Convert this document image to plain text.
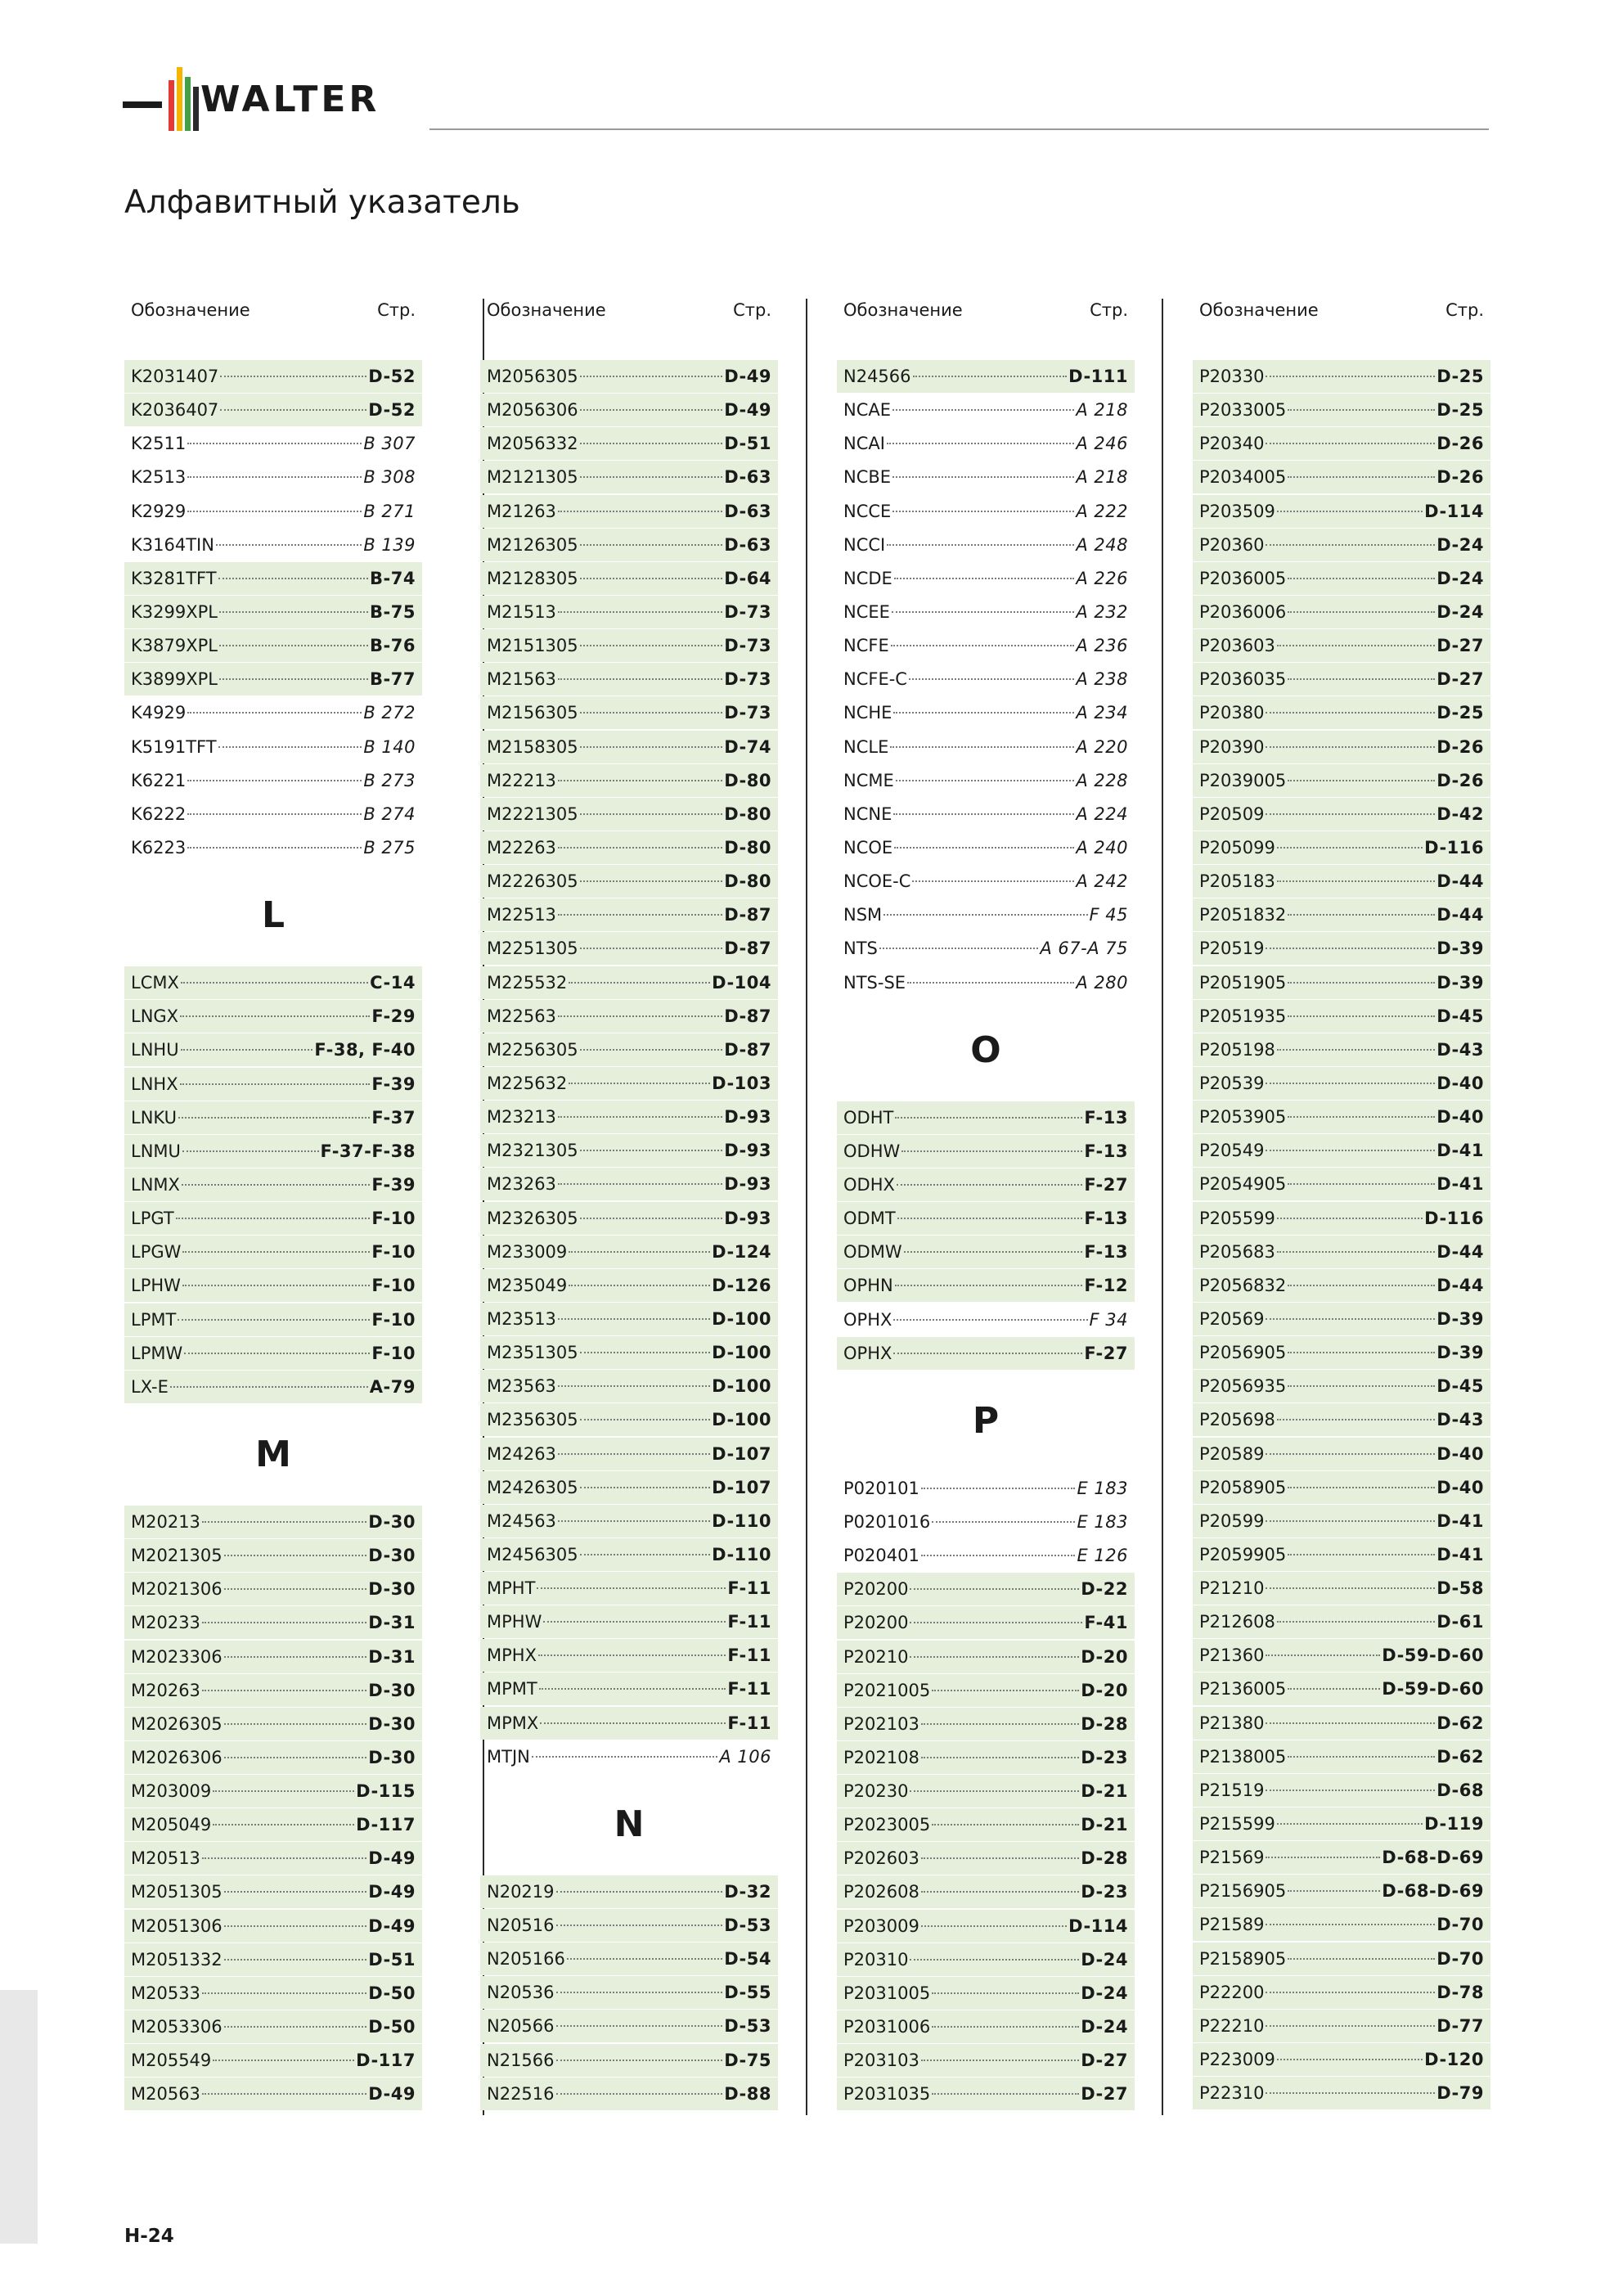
WALTER
Алфавитный указатель
Обозначение	Стр.
K2031407	D-52
K2036407	D-52
K2511	B 307
K2513	B 308
K2929	B 271
K3164TIN	B 139
K3281TFT	B-74
K3299XPL	B-75
K3879XPL	B-76
K3899XPL	B-77
K4929	B 272
K5191TFT	B 140
K6221	B 273
K6222	B 274
K6223	B 275
L
LCMX	C-14
LNGX	F-29
LNHU	F-38, F-40
LNHX	F-39
LNKU	F-37
LNMU	F-37-F-38
LNMX	F-39
LPGT	F-10
LPGW	F-10
LPHW	F-10
LPMT	F-10
LPMW	F-10
LX-E	A-79
M
M20213	D-30
M2021305	D-30
M2021306	D-30
M20233	D-31
M2023306	D-31
M20263	D-30
M2026305	D-30
M2026306	D-30
M203009	D-115
M205049	D-117
M20513	D-49
M2051305	D-49
M2051306	D-49
M2051332	D-51
M20533	D-50
M2053306	D-50
M205549	D-117
M20563	D-49
Обозначение	Стр.
M2056305	D-49
M2056306	D-49
M2056332	D-51
M2121305	D-63
M21263	D-63
M2126305	D-63
M2128305	D-64
M21513	D-73
M2151305	D-73
M21563	D-73
M2156305	D-73
M2158305	D-74
M22213	D-80
M2221305	D-80
M22263	D-80
M2226305	D-80
M22513	D-87
M2251305	D-87
M225532	D-104
M22563	D-87
M2256305	D-87
M225632	D-103
M23213	D-93
M2321305	D-93
M23263	D-93
M2326305	D-93
M233009	D-124
M235049	D-126
M23513	D-100
M2351305	D-100
M23563	D-100
M2356305	D-100
M24263	D-107
M2426305	D-107
M24563	D-110
M2456305	D-110
MPHT	F-11
MPHW	F-11
MPHX	F-11
MPMT	F-11
MPMX	F-11
MTJN	A 106
N
N20219	D-32
N20516	D-53
N205166	D-54
N20536	D-55
N20566	D-53
N21566	D-75
N22516	D-88
Обозначение	Стр.
N24566	D-111
NCAE	A 218
NCAI	A 246
NCBE	A 218
NCCE	A 222
NCCI	A 248
NCDE	A 226
NCEE	A 232
NCFE	A 236
NCFE-C	A 238
NCHE	A 234
NCLE	A 220
NCME	A 228
NCNE	A 224
NCOE	A 240
NCOE-C	A 242
NSM	F 45
NTS	A 67-A 75
NTS-SE	A 280
O
ODHT	F-13
ODHW	F-13
ODHX	F-27
ODMT	F-13
ODMW	F-13
OPHN	F-12
OPHX	F 34
OPHX	F-27
P
P020101	E 183
P0201016	E 183
P020401	E 126
P20200	D-22
P20200	F-41
P20210	D-20
P2021005	D-20
P202103	D-28
P202108	D-23
P20230	D-21
P2023005	D-21
P202603	D-28
P202608	D-23
P203009	D-114
P20310	D-24
P2031005	D-24
P2031006	D-24
P203103	D-27
P2031035	D-27
Обозначение	Стр.
P20330	D-25
P2033005	D-25
P20340	D-26
P2034005	D-26
P203509	D-114
P20360	D-24
P2036005	D-24
P2036006	D-24
P203603	D-27
P2036035	D-27
P20380	D-25
P20390	D-26
P2039005	D-26
P20509	D-42
P205099	D-116
P205183	D-44
P2051832	D-44
P20519	D-39
P2051905	D-39
P2051935	D-45
P205198	D-43
P20539	D-40
P2053905	D-40
P20549	D-41
P2054905	D-41
P205599	D-116
P205683	D-44
P2056832	D-44
P20569	D-39
P2056905	D-39
P2056935	D-45
P205698	D-43
P20589	D-40
P2058905	D-40
P20599	D-41
P2059905	D-41
P21210	D-58
P212608	D-61
P21360	D-59-D-60
P2136005	D-59-D-60
P21380	D-62
P2138005	D-62
P21519	D-68
P215599	D-119
P21569	D-68-D-69
P2156905	D-68-D-69
P21589	D-70
P2158905	D-70
P22200	D-78
P22210	D-77
P223009	D-120
P22310	D-79
H-24
